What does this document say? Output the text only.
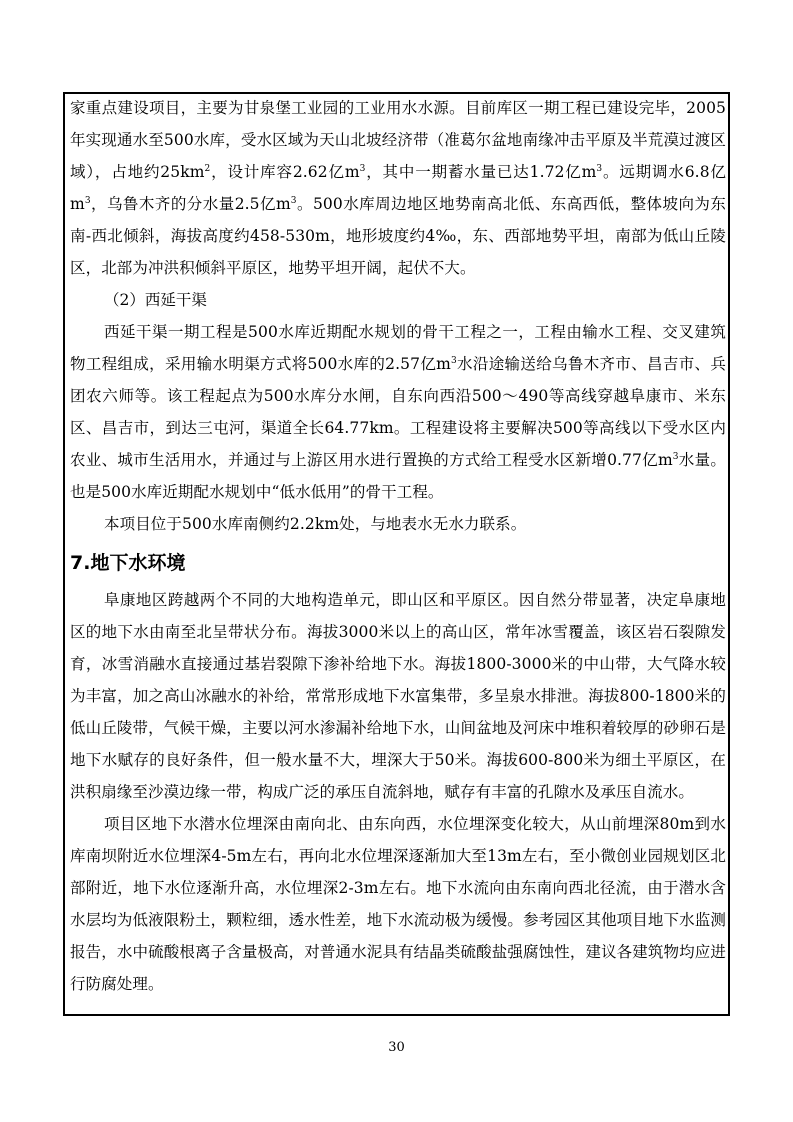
家重点建设项目，主要为甘泉堡工业园的工业用水水源。目前库区一期工程已建设完毕，2005年实现通水至500水库，受水区域为天山北坡经济带（准葛尔盆地南缘冲击平原及半荒漠过渡区域），占地约$25km^2$，设计库容2.62亿$m^3$，其中一期蓄水量已达1.72亿$m^3$。远期调水6.8亿$m^3$，乌鲁木齐的分水量2.5亿$m^3$。500水库周边地区地势南高北低、东高西低，整体坡向为东南-西北倾斜，海拔高度约458-530m，地形坡度约4‰，东、西部地势平坦，南部为低山丘陵区，北部为冲洪积倾斜平原区，地势平坦开阔，起伏不大。

（2）西延干渠

西延干渠一期工程是500水库近期配水规划的骨干工程之一，工程由输水工程、交叉建筑物工程组成，采用输水明渠方式将500水库的2.57亿$m^3$水沿途输送给乌鲁木齐市、昌吉市、兵团农六师等。该工程起点为500水库分水闸，自东向西沿500～490等高线穿越阜康市、米东区、昌吉市，到达三屯河，渠道全长64.77km。工程建设将主要解决500等高线以下受水区内农业、城市生活用水，并通过与上游区用水进行置换的方式给工程受水区新增0.77亿$m^3$水量。也是500水库近期配水规划中“低水低用”的骨干工程。

本项目位于500水库南侧约2.2km处，与地表水无水力联系。

7.地下水环境

阜康地区跨越两个不同的大地构造单元，即山区和平原区。因自然分带显著，决定阜康地区的地下水由南至北呈带状分布。海拔3000米以上的高山区，常年冰雪覆盖，该区岩石裂隙发育，冰雪消融水直接通过基岩裂隙下渗补给地下水。海拔1800-3000米的中山带，大气降水较为丰富，加之高山冰融水的补给，常常形成地下水富集带，多呈泉水排泄。海拔800-1800米的低山丘陵带，气候干燥，主要以河水渗漏补给地下水，山间盆地及河床中堆积着较厚的砂卵石是地下水赋存的良好条件，但一般水量不大，埋深大于50米。海拔600-800米为细土平原区，在洪积扇缘至沙漠边缘一带，构成广泛的承压自流斜地，赋存有丰富的孔隙水及承压自流水。

项目区地下水潜水位埋深由南向北、由东向西，水位埋深变化较大，从山前埋深80m到水库南坝附近水位埋深4-5m左右，再向北水位埋深逐渐加大至13m左右，至小微创业园规划区北部附近，地下水位逐渐升高，水位埋深2-3m左右。地下水流向由东南向西北径流，由于潜水含水层均为低液限粉土，颗粒细，透水性差，地下水流动极为缓慢。参考园区其他项目地下水监测报告，水中硫酸根离子含量极高，对普通水泥具有结晶类硫酸盐强腐蚀性，建议各建筑物均应进行防腐处理。

30
